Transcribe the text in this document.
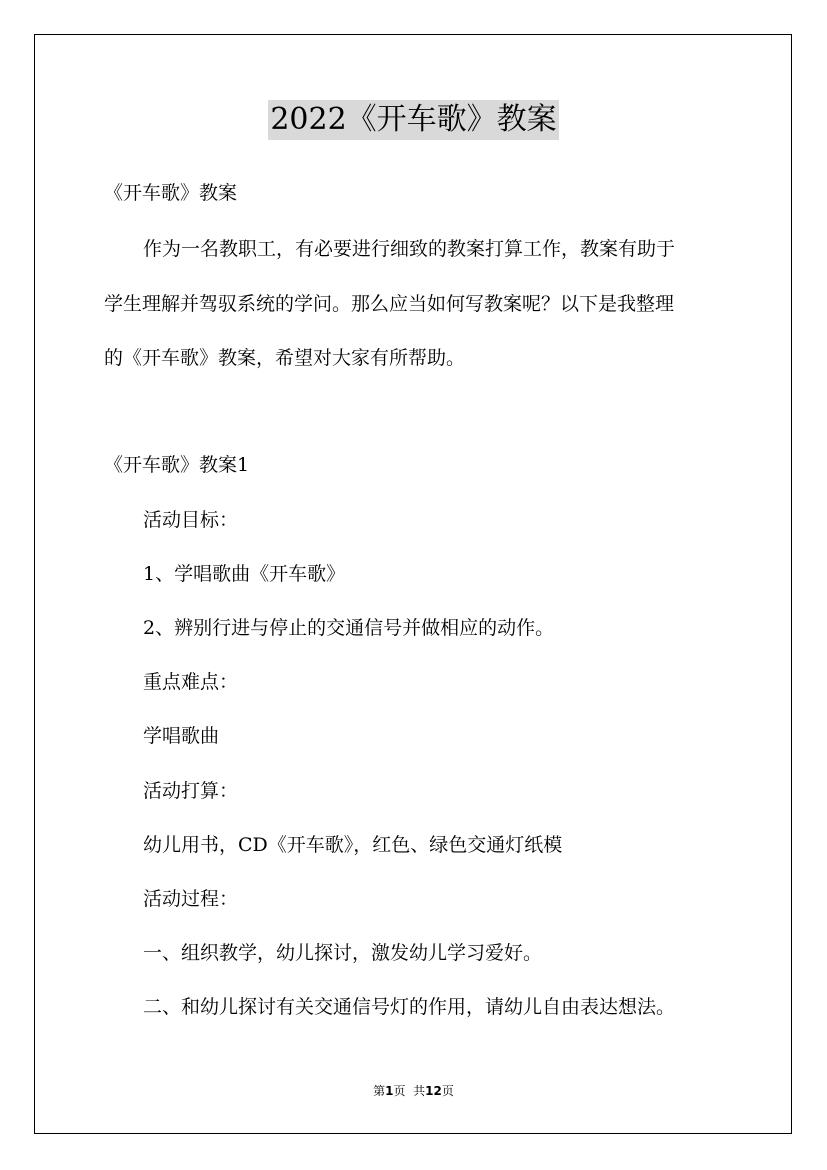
2022《开车歌》教案
《开车歌》教案
作为一名教职工，有必要进行细致的教案打算工作，教案有助于
学生理解并驾驭系统的学问。那么应当如何写教案呢？以下是我整理
的《开车歌》教案，希望对大家有所帮助。
《开车歌》教案1
活动目标：
1、学唱歌曲《开车歌》
2、辨别行进与停止的交通信号并做相应的动作。
重点难点：
学唱歌曲
活动打算：
幼儿用书，CD《开车歌》，红色、绿色交通灯纸模
活动过程：
一、组织教学，幼儿探讨，激发幼儿学习爱好。
二、和幼儿探讨有关交通信号灯的作用，请幼儿自由表达想法。
第1页 共12页
